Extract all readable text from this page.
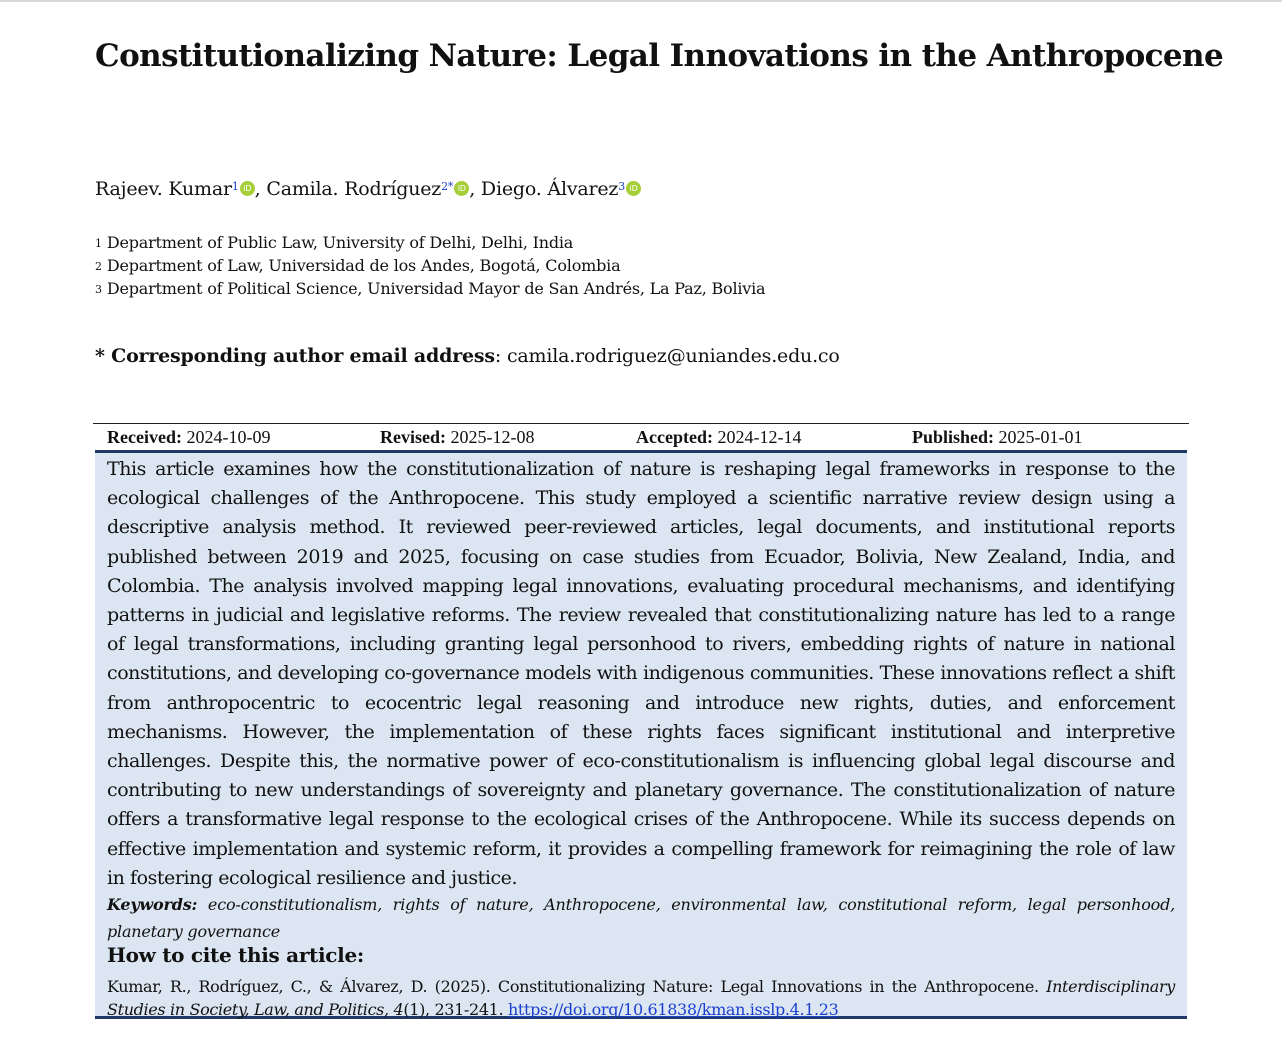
Constitutionalizing Nature: Legal Innovations in the Anthropocene
Rajeev. Kumar$^1$ iD , Camila. Rodríguez$^{2*}$ iD , Diego. Álvarez$^3$ iD
$^1$ Department of Public Law, University of Delhi, Delhi, India
$^2$ Department of Law, Universidad de los Andes, Bogotá, Colombia
$^3$ Department of Political Science, Universidad Mayor de San Andrés, La Paz, Bolivia
* Corresponding author email address: camila.rodriguez@uniandes.edu.co
Received: 2024-10-09	Revised: 2025-12-08	Accepted: 2024-12-14	Published: 2025-01-01

This article examines how the constitutionalization of nature is reshaping legal frameworks in response to the ecological challenges of the Anthropocene. This study employed a scientific narrative review design using a descriptive analysis method. It reviewed peer-reviewed articles, legal documents, and institutional reports published between 2019 and 2025, focusing on case studies from Ecuador, Bolivia, New Zealand, India, and Colombia. The analysis involved mapping legal innovations, evaluating procedural mechanisms, and identifying patterns in judicial and legislative reforms. The review revealed that constitutionalizing nature has led to a range of legal transformations, including granting legal personhood to rivers, embedding rights of nature in national constitutions, and developing co-governance models with indigenous communities. These innovations reflect a shift from anthropocentric to ecocentric legal reasoning and introduce new rights, duties, and enforcement mechanisms. However, the implementation of these rights faces significant institutional and interpretive challenges. Despite this, the normative power of eco-constitutionalism is influencing global legal discourse and contributing to new understandings of sovereignty and planetary governance. The constitutionalization of nature offers a transformative legal response to the ecological crises of the Anthropocene. While its success depends on effective implementation and systemic reform, it provides a compelling framework for reimagining the role of law in fostering ecological resilience and justice.

Keywords: eco-constitutionalism, rights of nature, Anthropocene, environmental law, constitutional reform, legal personhood, planetary governance

How to cite this article:

Kumar, R., Rodríguez, C., & Álvarez, D. (2025). Constitutionalizing Nature: Legal Innovations in the Anthropocene. Interdisciplinary Studies in Society, Law, and Politics, 4(1), 231-241. https://doi.org/10.61838/kman.isslp.4.1.23
